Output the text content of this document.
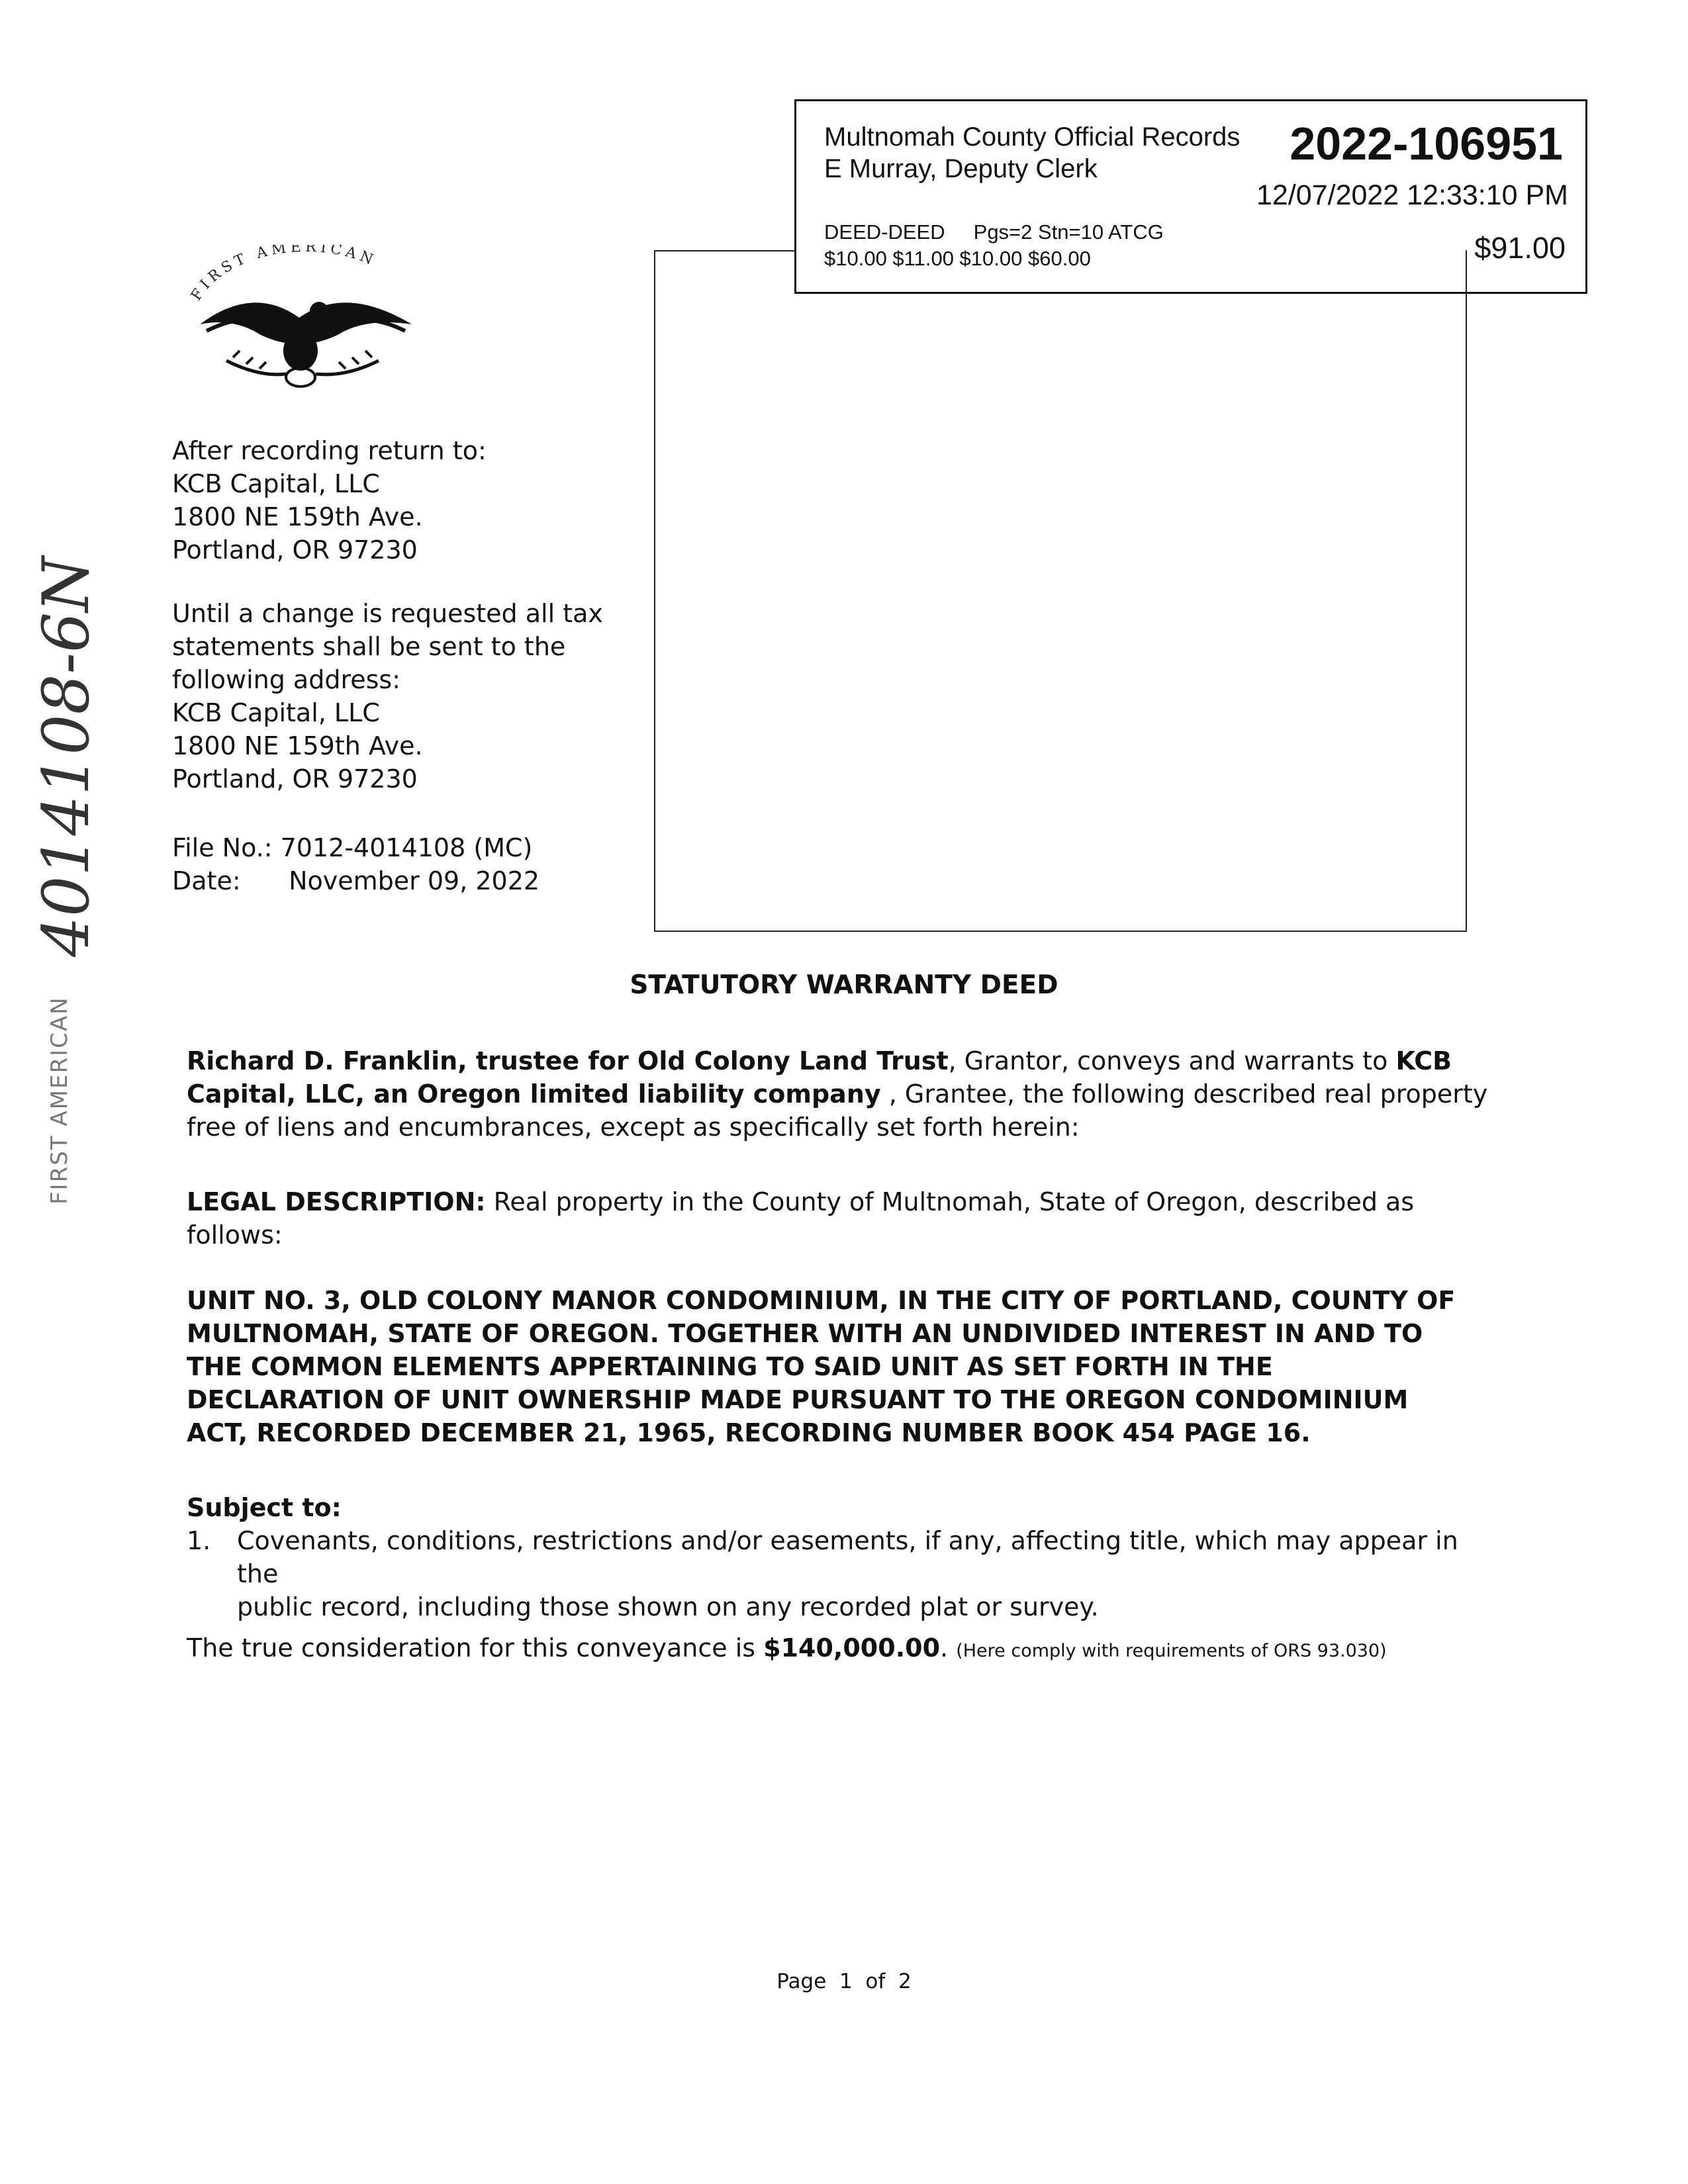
Multnomah County Official Records
E Murray, Deputy Clerk	2022-106951
12/07/2022 12:33:10 PM
DEED-DEED     Pgs=2 Stn=10 ATCG
$10.00 $11.00 $10.00 $60.00	$91.00
FIRST AMERICAN
4014108-6N
FIRST AMERICAN
After recording return to:
KCB Capital, LLC
1800 NE 159th Ave.
Portland, OR 97230
Until a change is requested all tax
statements shall be sent to the
following address:
KCB Capital, LLC
1800 NE 159th Ave.
Portland, OR 97230
File No.: 7012-4014108 (MC)
Date:      November 09, 2022
STATUTORY WARRANTY DEED
Richard D. Franklin, trustee for Old Colony Land Trust, Grantor, conveys and warrants to KCB
Capital, LLC, an Oregon limited liability company , Grantee, the following described real property
free of liens and encumbrances, except as specifically set forth herein:
LEGAL DESCRIPTION: Real property in the County of Multnomah, State of Oregon, described as
follows:
UNIT NO. 3, OLD COLONY MANOR CONDOMINIUM, IN THE CITY OF PORTLAND, COUNTY OF
MULTNOMAH, STATE OF OREGON. TOGETHER WITH AN UNDIVIDED INTEREST IN AND TO
THE COMMON ELEMENTS APPERTAINING TO SAID UNIT AS SET FORTH IN THE
DECLARATION OF UNIT OWNERSHIP MADE PURSUANT TO THE OREGON CONDOMINIUM
ACT, RECORDED DECEMBER 21, 1965, RECORDING NUMBER BOOK 454 PAGE 16.
Subject to:
1. Covenants, conditions, restrictions and/or easements, if any, affecting title, which may appear in the
public record, including those shown on any recorded plat or survey.
The true consideration for this conveyance is $140,000.00. (Here comply with requirements of ORS 93.030)
Page  1  of  2
